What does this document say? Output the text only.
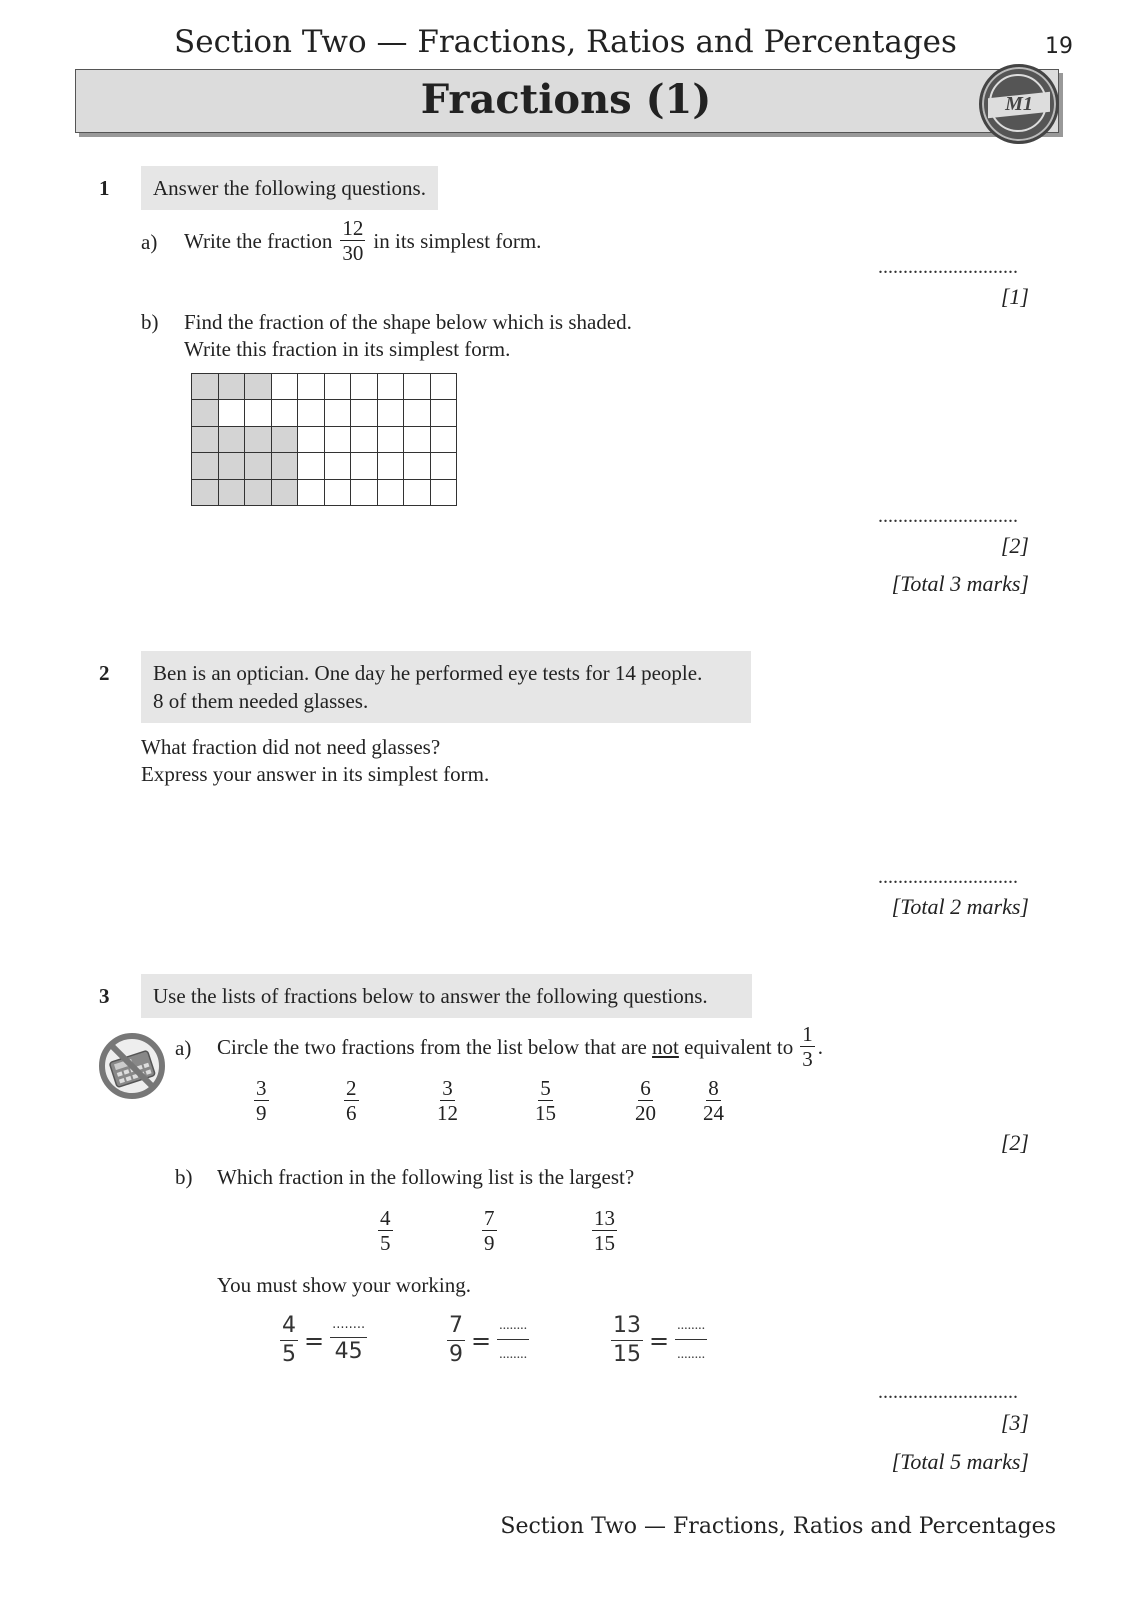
Section Two — Fractions, Ratios and Percentages	19
Fractions (1)	M1
1	Answer the following questions.
a) Write the fraction $\frac{12}{30}$ in its simplest form.
............................
[1]
b) Find the fraction of the shape below which is shaded.
Write this fraction in its simplest form.
............................
[2]
[Total 3 marks]
2 Ben is an optician. One day he performed eye tests for 14 people.
8 of them needed glasses.
What fraction did not need glasses?
Express your answer in its simplest form.
............................
[Total 2 marks]
3	Use the lists of fractions below to answer the following questions.
a) Circle the two fractions from the list below that are not equivalent to $\frac{1}{3}$ .
$\frac{3}{9}$	$\frac{2}{6}$	$\frac{3}{12}$	$\frac{5}{15}$	$\frac{6}{20} \frac{8}{24}$
[2]
b) Which fraction in the following list is the largest?
$\frac{4}{5}$	$\frac{7}{9}$	$\frac{13}{15}$
You must show your working.
$\frac{4}{5} = \frac{........}{45}$	$\frac{7}{9} = \frac{........}{........}$	$\frac{13}{15} = \frac{........}{........}$
............................
[3]
[Total 5 marks]
Section Two — Fractions, Ratios and Percentages
